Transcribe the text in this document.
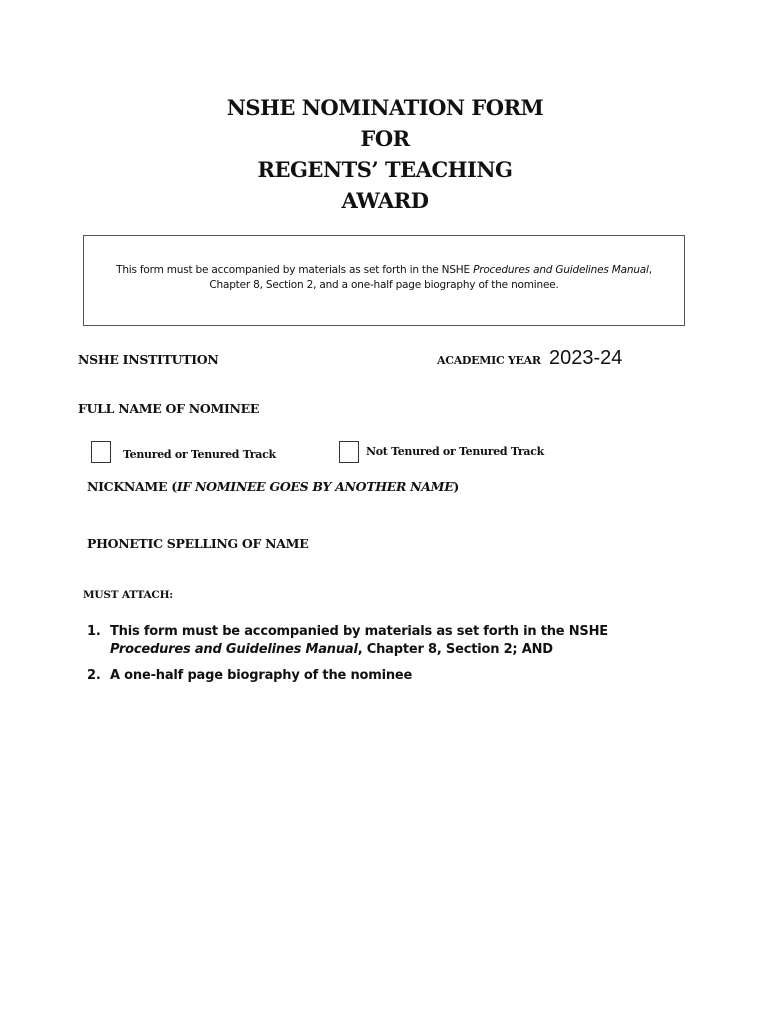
NSHE NOMINATION FORM
FOR
REGENTS’ TEACHING
AWARD
This form must be accompanied by materials as set forth in the NSHE Procedures and Guidelines Manual, Chapter 8, Section 2, and a one-half page biography of the nominee.
NSHE INSTITUTION	ACADEMIC YEAR 2023-24
FULL NAME OF NOMINEE
Tenured or Tenured Track	Not Tenured or Tenured Track
NICKNAME (IF NOMINEE GOES BY ANOTHER NAME)
PHONETIC SPELLING OF NAME
MUST ATTACH:
1. This form must be accompanied by materials as set forth in the NSHE Procedures and Guidelines Manual, Chapter 8, Section 2; AND
2. A one-half page biography of the nominee
